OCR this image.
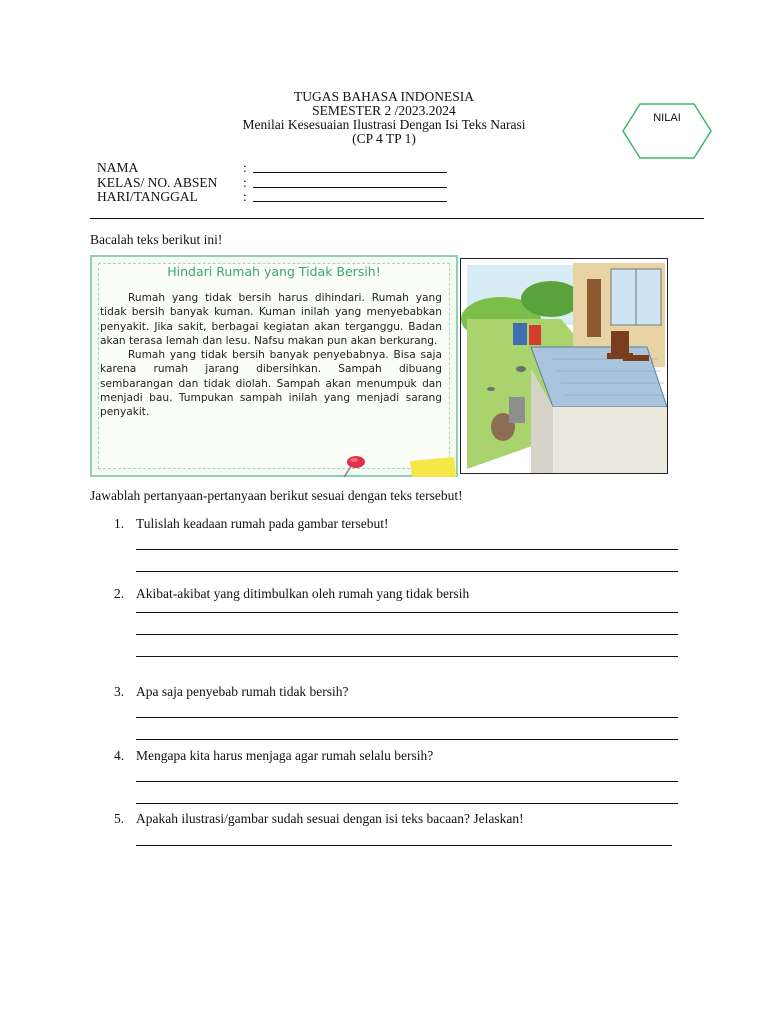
TUGAS BAHASA INDONESIA
SEMESTER 2 /2023.2024
Menilai Kesesuaian Ilustrasi Dengan Isi Teks Narasi
(CP 4 TP 1)
NILAI
NAMA	:
KELAS/ NO. ABSEN	:
HARI/TANGGAL	:
Bacalah teks berikut ini!
Hindari Rumah yang Tidak Bersih!

Rumah yang tidak bersih harus dihindari. Rumah yang tidak bersih banyak kuman. Kuman inilah yang menyebabkan penyakit. Jika sakit, berbagai kegiatan akan terganggu. Badan akan terasa lemah dan lesu. Nafsu makan pun akan berkurang.

Rumah yang tidak bersih banyak penyebabnya. Bisa saja karena rumah jarang dibersihkan. Sampah dibuang sembarangan dan tidak diolah. Sampah akan menumpuk dan menjadi bau. Tumpukan sampah inilah yang menjadi sarang penyakit.

Jawablah pertanyaan-pertanyaan berikut sesuai dengan teks tersebut!
1. Tulislah keadaan rumah pada gambar tersebut!
2. Akibat-akibat yang ditimbulkan oleh rumah yang tidak bersih
3. Apa saja penyebab rumah tidak bersih?
4. Mengapa kita harus menjaga agar rumah selalu bersih?
5. Apakah ilustrasi/gambar sudah sesuai dengan isi teks bacaan? Jelaskan!
